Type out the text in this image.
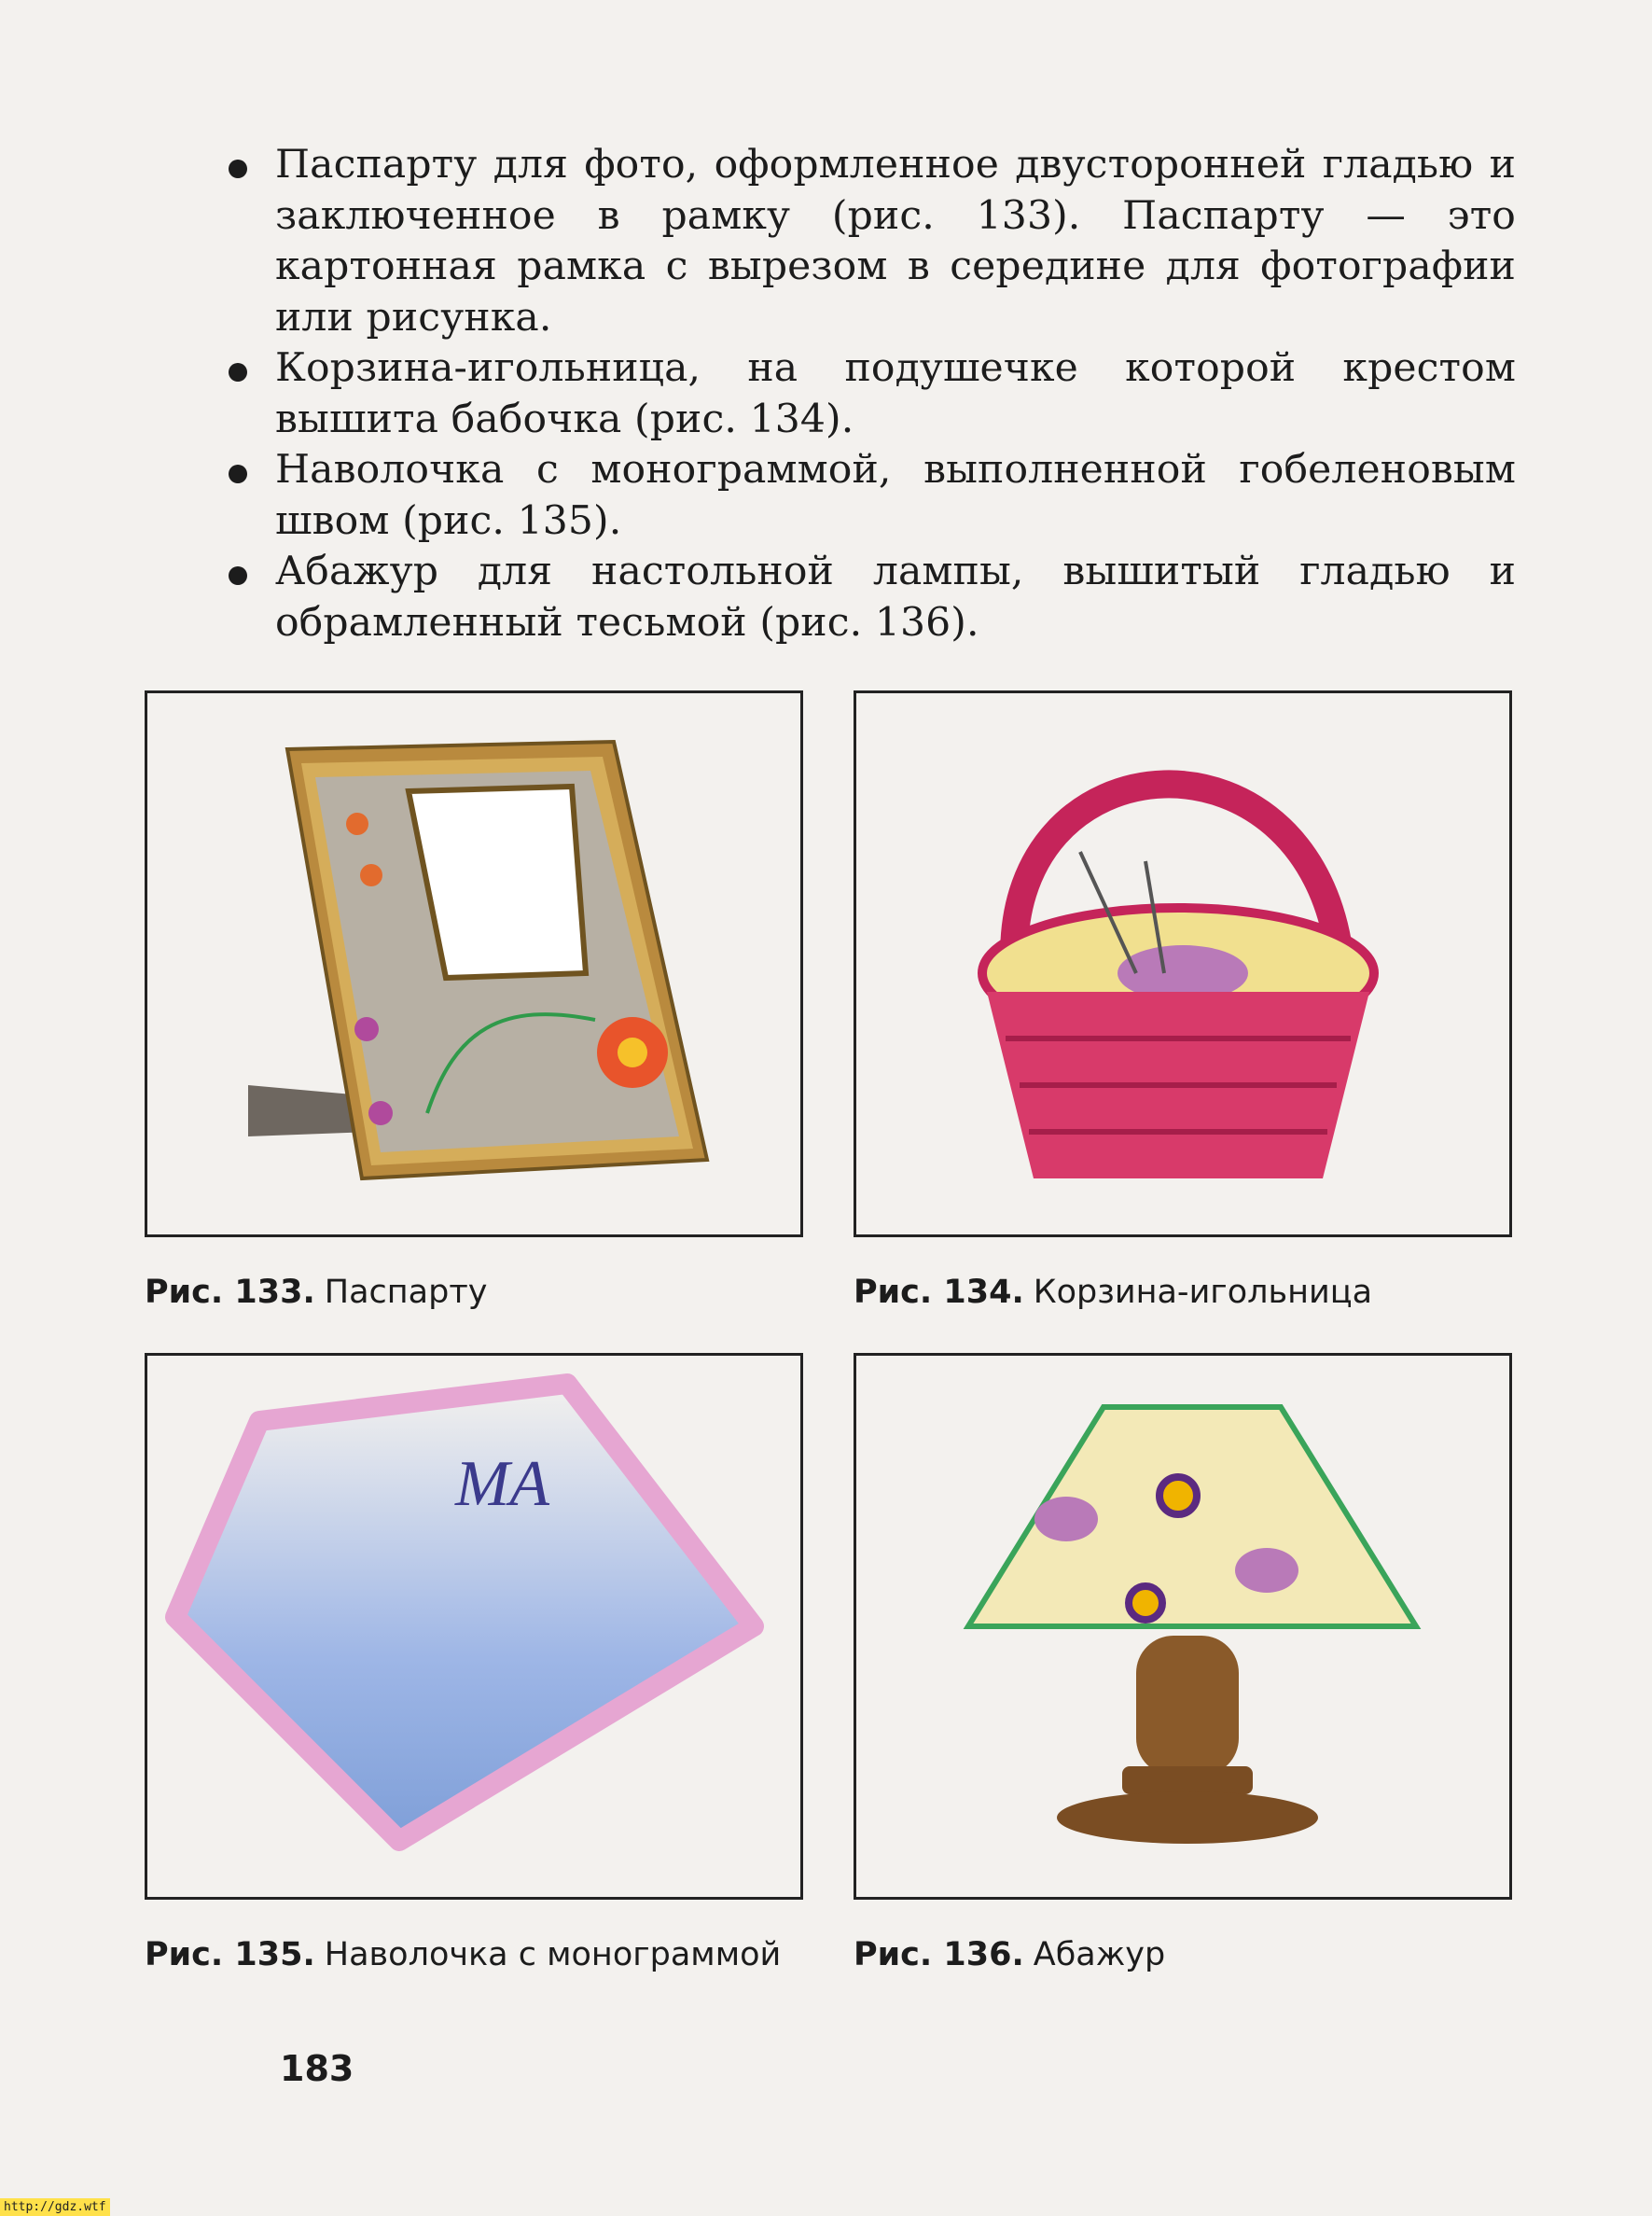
Паспарту для фото, оформленное двусторонней гладью и заключенное в рамку (рис. 133). Паспарту — это картонная рамка с вырезом в середине для фотографии или рисунка.
Корзина-игольница, на подушечке которой крестом вышита бабочка (рис. 134).
Наволочка с монограммой, выполненной гобеленовым швом (рис. 135).
Абажур для настольной лампы, вышитый гладью и обрамленный тесьмой (рис. 136).
Рис. 133. Паспарту	Рис. 134. Корзина-игольница
MA
Рис. 135. Наволочка с монограммой Рис. 136. Абажур
183
http://gdz.wtf
